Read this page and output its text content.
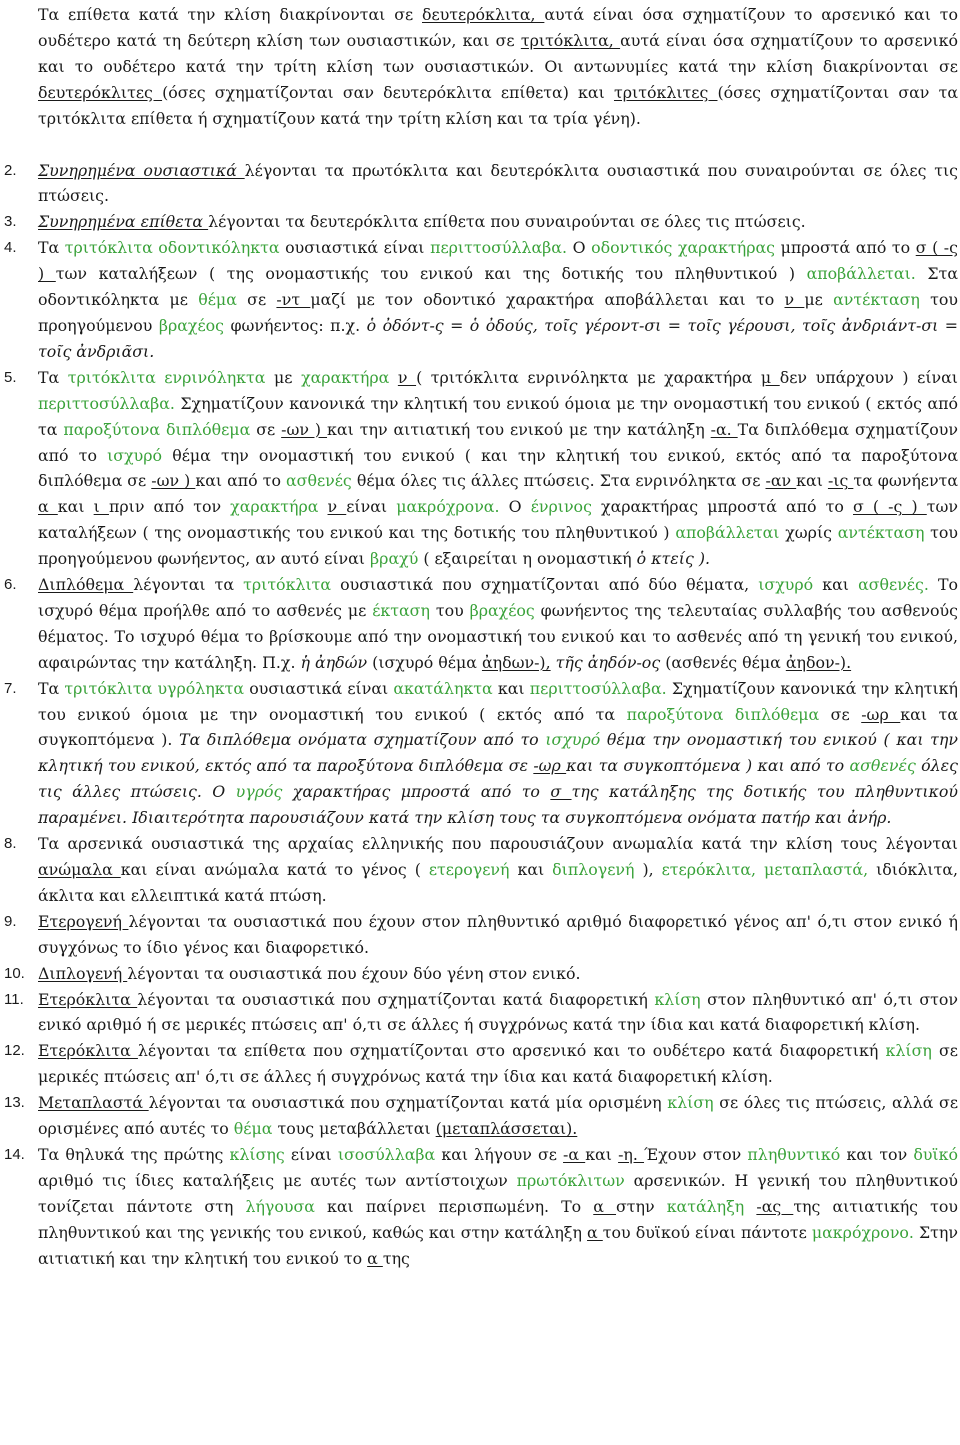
Τα επίθετα κατά την κλίση διακρίνονται σε δευτερόκλιτα, αυτά είναι όσα σχηματίζουν το αρσενικό και το ουδέτερο κατά τη δεύτερη κλίση των ουσιαστικών, και σε τριτόκλιτα, αυτά είναι όσα σχηματίζουν το αρσενικό και το ουδέτερο κατά την τρίτη κλίση των ουσιαστικών. Οι αντωνυμίες κατά την κλίση διακρίνονται σε δευτερόκλιτες (όσες σχηματίζονται σαν δευτερόκλιτα επίθετα) και τριτόκλιτες (όσες σχηματίζονται σαν τα τριτόκλιτα επίθετα ή σχηματίζουν κατά την τρίτη κλίση και τα τρία γένη).

2. Συνηρημένα ουσιαστικά λέγονται τα πρωτόκλιτα και δευτερόκλιτα ουσιαστικά που συναιρούνται σε όλες τις πτώσεις.

3. Συνηρημένα επίθετα λέγονται τα δευτερόκλιτα επίθετα που συναιρούνται σε όλες τις πτώσεις.

4. Τα τριτόκλιτα οδοντικόληκτα ουσιαστικά είναι περιττοσύλλαβα. Ο οδοντικός χαρακτήρας μπροστά από το σ ( -ς ) των καταλήξεων ( της ονομαστικής του ενικού και της δοτικής του πληθυντικού ) αποβάλλεται. Στα οδοντικόληκτα με θέμα σε -ντ μαζί με τον οδοντικό χαρακτήρα αποβάλλεται και το ν με αντέκταση του προηγούμενου βραχέος φωνήεντος: π.χ. ὁ ὀδόντ-ς = ὁ ὀδούς, τοῖς γέροντ-σι = τοῖς γέρουσι, τοῖς ἀνδριάντ-σι = τοῖς ἀνδριᾶσι.

5. Τα τριτόκλιτα ενρινόληκτα με χαρακτήρα ν ( τριτόκλιτα ενρινόληκτα με χαρακτήρα μ δεν υπάρχουν ) είναι περιττοσύλλαβα. Σχηματίζουν κανονικά την κλητική του ενικού όμοια με την ονομαστική του ενικού ( εκτός από τα παροξύτονα διπλόθεμα σε -ων ) και την αιτιατική του ενικού με την κατάληξη -α. Τα διπλόθεμα σχηματίζουν από το ισχυρό θέμα την ονομαστική του ενικού ( και την κλητική του ενικού, εκτός από τα παροξύτονα διπλόθεμα σε -ων ) και από το ασθενές θέμα όλες τις άλλες πτώσεις. Στα ενρινόληκτα σε -αν και -ις τα φωνήεντα α και ι πριν από τον χαρακτήρα ν είναι μακρόχρονα. Ο ένρινος χαρακτήρας μπροστά από το σ ( -ς ) των καταλήξεων ( της ονομαστικής του ενικού και της δοτικής του πληθυντικού ) αποβάλλεται χωρίς αντέκταση του προηγούμενου φωνήεντος, αν αυτό είναι βραχύ ( εξαιρείται η ονομαστική ὁ κτείς ).

6. Διπλόθεμα λέγονται τα τριτόκλιτα ουσιαστικά που σχηματίζονται από δύο θέματα, ισχυρό και ασθενές. Το ισχυρό θέμα προήλθε από το ασθενές με έκταση του βραχέος φωνήεντος της τελευταίας συλλαβής του ασθενούς θέματος. Το ισχυρό θέμα το βρίσκουμε από την ονομαστική του ενικού και το ασθενές από τη γενική του ενικού, αφαιρώντας την κατάληξη. Π.χ. ἡ ἀηδών (ισχυρό θέμα ἀηδων-), τῆς ἀηδόν-ος (ασθενές θέμα ἀηδον-).

7. Τα τριτόκλιτα υγρόληκτα ουσιαστικά είναι ακατάληκτα και περιττοσύλλαβα. Σχηματίζουν κανονικά την κλητική του ενικού όμοια με την ονομαστική του ενικού ( εκτός από τα παροξύτονα διπλόθεμα σε -ωρ και τα συγκοπτόμενα ). Τα διπλόθεμα ονόματα σχηματίζουν από το ισχυρό θέμα την ονομαστική του ενικού ( και την κλητική του ενικού, εκτός από τα παροξύτονα διπλόθεμα σε -ωρ και τα συγκοπτόμενα ) και από το ασθενές όλες τις άλλες πτώσεις. Ο υγρός χαρακτήρας μπροστά από το σ της κατάληξης της δοτικής του πληθυντικού παραμένει. Ιδιαιτερότητα παρουσιάζουν κατά την κλίση τους τα συγκοπτόμενα ονόματα πατήρ και ἀνήρ.

8. Τα αρσενικά ουσιαστικά της αρχαίας ελληνικής που παρουσιάζουν ανωμαλία κατά την κλίση τους λέγονται ανώμαλα και είναι ανώμαλα κατά το γένος ( ετερογενή και διπλογενή ), ετερόκλιτα, μεταπλαστά, ιδιόκλιτα, άκλιτα και ελλειπτικά κατά πτώση.

9. Ετερογενή λέγονται τα ουσιαστικά που έχουν στον πληθυντικό αριθμό διαφορετικό γένος απ' ό,τι στον ενικό ή συγχόνως το ίδιο γένος και διαφορετικό.

10. Διπλογενή λέγονται τα ουσιαστικά που έχουν δύο γένη στον ενικό.

11. Ετερόκλιτα λέγονται τα ουσιαστικά που σχηματίζονται κατά διαφορετική κλίση στον πληθυντικό απ' ό,τι στον ενικό αριθμό ή σε μερικές πτώσεις απ' ό,τι σε άλλες ή συγχρόνως κατά την ίδια και κατά διαφορετική κλίση.

12. Ετερόκλιτα λέγονται τα επίθετα που σχηματίζονται στο αρσενικό και το ουδέτερο κατά διαφορετική κλίση σε μερικές πτώσεις απ' ό,τι σε άλλες ή συγχρόνως κατά την ίδια και κατά διαφορετική κλίση.

13. Μεταπλαστά λέγονται τα ουσιαστικά που σχηματίζονται κατά μία ορισμένη κλίση σε όλες τις πτώσεις, αλλά σε ορισμένες από αυτές το θέμα τους μεταβάλλεται (μεταπλάσσεται).

14. Τα θηλυκά της πρώτης κλίσης είναι ισοσύλλαβα και λήγουν σε -α και -η. Έχουν στον πληθυντικό και τον δυϊκό αριθμό τις ίδιες καταλήξεις με αυτές των αντίστοιχων πρωτόκλιτων αρσενικών. Η γενική του πληθυντικού τονίζεται πάντοτε στη λήγουσα και παίρνει περισπωμένη. Το α στην κατάληξη -ας της αιτιατικής του πληθυντικού και της γενικής του ενικού, καθώς και στην κατάληξη α του δυϊκού είναι πάντοτε μακρόχρονο. Στην αιτιατική και την κλητική του ενικού το α της
